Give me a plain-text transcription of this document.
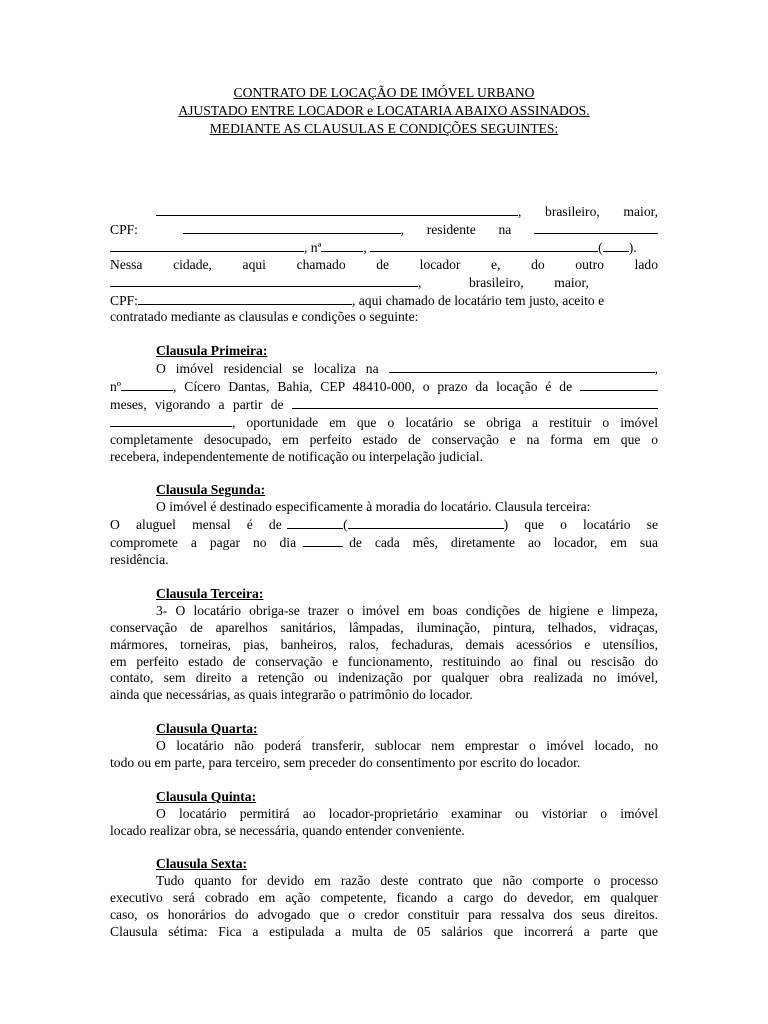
CONTRATO DE LOCAÇÃO DE IMÓVEL URBANO
AJUSTADO ENTRE LOCADOR e LOCATARIA ABAIXO ASSINADOS.
MEDIANTE AS CLAUSULAS E CONDIÇÕES SEGUINTES:
, brasileiro, maior,
CPF:	, residente na
, nª	,	( ).
Nessa cidade, aqui chamado de locador e, do outro lado
,              brasileiro,         maior,
CPF:	, aqui chamado de locatário tem justo, aceito e
contratado mediante as clausulas e condições o seguinte:
Clausula Primeira:
O imóvel residencial se localiza na	,
nº	, Cícero Dantas, Bahia, CEP 48410-000, o prazo da locação é de
meses, vigorando a partir de
,  oportunidade  em  que  o  locatário  se  obriga  a  restituir  o  imóvel
completamente desocupado, em perfeito estado de conservação e na forma em que o
recebera, independentemente de notificação ou interpelação judicial.
Clausula Segunda:
O imóvel é destinado especificamente à moradia do locatário. Clausula terceira:
O   aluguel   mensal   é   de	(	)   que   o   locatário   se
compromete  a  pagar  no  dia	de  cada  mês,  diretamente  ao  locador,  em  sua
residência.
Clausula Terceira:
3- O locatário obriga-se trazer o imóvel em boas condições de higiene e limpeza,
conservação de aparelhos sanitários, lâmpadas, iluminação, pintura, telhados, vidraças,
mármores, torneiras, pias, banheiros, ralos, fechaduras, demais acessórios e utensílios,
em perfeito estado de conservação e funcionamento, restituindo ao final ou rescisão do
contato, sem direito a retenção ou indenização por qualquer obra realizada no imóvel,
ainda que necessárias, as quais integrarão o patrimônio do locador.
Clausula Quarta:
O locatário não poderá transferir, sublocar nem emprestar o imóvel locado, no
todo ou em parte, para terceiro, sem preceder do consentimento por escrito do locador.
Clausula Quinta:
O locatário permitirá ao locador-proprietário examinar ou vistoriar o imóvel
locado realizar obra, se necessária, quando entender conveniente.
Clausula Sexta:
Tudo quanto for devido em razão deste contrato que não comporte o processo
executivo será cobrado em ação competente, ficando a cargo do devedor, em qualquer
caso, os honorários do advogado que o credor constituir para ressalva dos seus direitos.
Clausula sétima: Fica a estipulada a multa de 05 salários que incorrerá a parte que
